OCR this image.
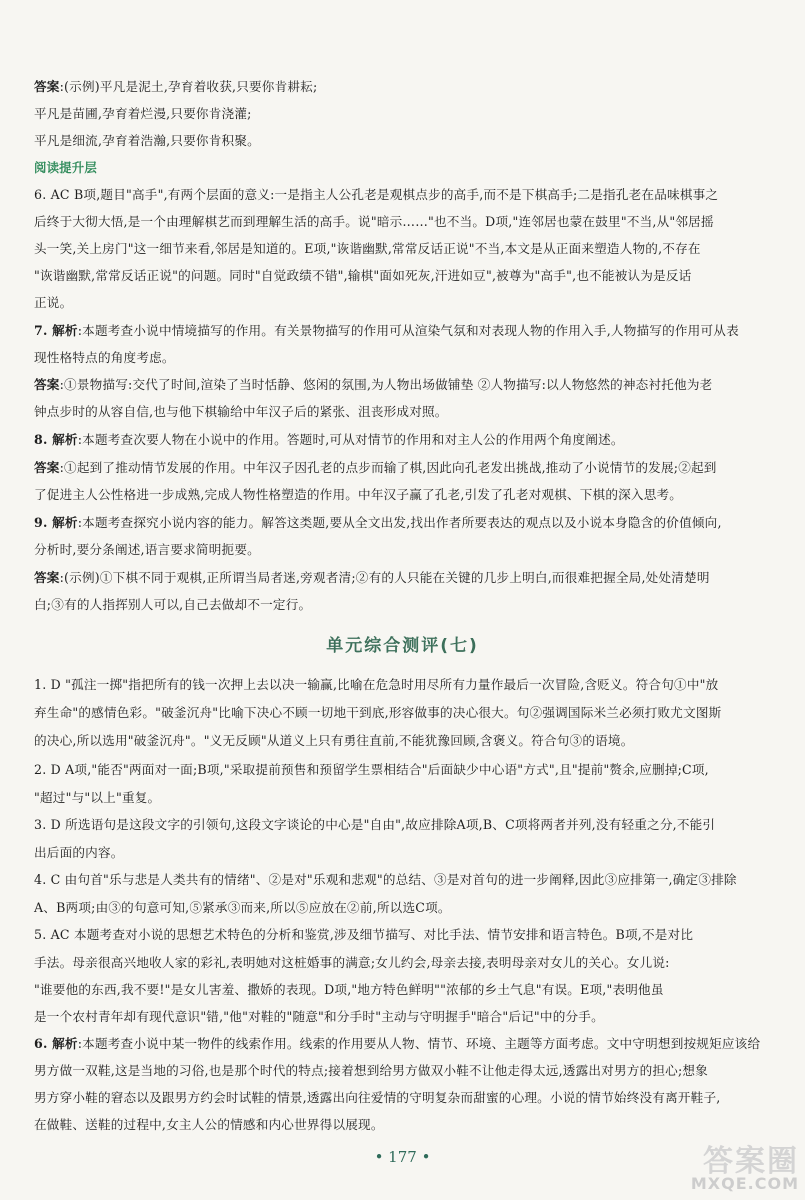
答案:(示例)平凡是泥土,孕育着收获,只要你肯耕耘;

平凡是苗圃,孕育着烂漫,只要你肯浇灌;

平凡是细流,孕育着浩瀚,只要你肯积聚。

阅读提升层

6. AC B项,题目"高手",有两个层面的意义:一是指主人公孔老是观棋点步的高手,而不是下棋高手;二是指孔老在品味棋事之

后终于大彻大悟,是一个由理解棋艺而到理解生活的高手。说"暗示……"也不当。D项,"连邻居也蒙在鼓里"不当,从"邻居摇

头一笑,关上房门"这一细节来看,邻居是知道的。E项,"诙谐幽默,常常反话正说"不当,本文是从正面来塑造人物的,不存在

"诙谐幽默,常常反话正说"的问题。同时"自觉政绩不错",输棋"面如死灰,汗进如豆",被尊为"高手",也不能被认为是反话

正说。

7. 解析:本题考查小说中情境描写的作用。有关景物描写的作用可从渲染气氛和对表现人物的作用入手,人物描写的作用可从表

现性格特点的角度考虑。

答案:①景物描写:交代了时间,渲染了当时恬静、悠闲的氛围,为人物出场做铺垫 ②人物描写:以人物悠然的神态衬托他为老

钟点步时的从容自信,也与他下棋输给中年汉子后的紧张、沮丧形成对照。

8. 解析:本题考查次要人物在小说中的作用。答题时,可从对情节的作用和对主人公的作用两个角度阐述。

答案:①起到了推动情节发展的作用。中年汉子因孔老的点步而输了棋,因此向孔老发出挑战,推动了小说情节的发展;②起到

了促进主人公性格进一步成熟,完成人物性格塑造的作用。中年汉子赢了孔老,引发了孔老对观棋、下棋的深入思考。

9. 解析:本题考查探究小说内容的能力。解答这类题,要从全文出发,找出作者所要表达的观点以及小说本身隐含的价值倾向,

分析时,要分条阐述,语言要求简明扼要。

答案:(示例)①下棋不同于观棋,正所谓当局者迷,旁观者清;②有的人只能在关键的几步上明白,而很难把握全局,处处清楚明

白;③有的人指挥别人可以,自己去做却不一定行。

单元综合测评(七)

1. D "孤注一掷"指把所有的钱一次押上去以决一输赢,比喻在危急时用尽所有力量作最后一次冒险,含贬义。符合句①中"放

弃生命"的感情色彩。"破釜沉舟"比喻下决心不顾一切地干到底,形容做事的决心很大。句②强调国际米兰必须打败尤文图斯

的决心,所以选用"破釜沉舟"。"义无反顾"从道义上只有勇往直前,不能犹豫回顾,含褒义。符合句③的语境。

2. D A项,"能否"两面对一面;B项,"采取提前预售和预留学生票相结合"后面缺少中心语"方式",且"提前"赘余,应删掉;C项,

"超过"与"以上"重复。

3. D 所选语句是这段文字的引领句,这段文字谈论的中心是"自由",故应排除A项,B、C项将两者并列,没有轻重之分,不能引

出后面的内容。

4. C 由句首"乐与悲是人类共有的情绪"、②是对"乐观和悲观"的总结、③是对首句的进一步阐释,因此③应排第一,确定③排除

A、B两项;由③的句意可知,⑤紧承③而来,所以⑤应放在②前,所以选C项。

5. AC 本题考查对小说的思想艺术特色的分析和鉴赏,涉及细节描写、对比手法、情节安排和语言特色。B项,不是对比

手法。母亲很高兴地收人家的彩礼,表明她对这桩婚事的满意;女儿约会,母亲去接,表明母亲对女儿的关心。女儿说:

"谁要他的东西,我不要!"是女儿害羞、撒娇的表现。D项,"地方特色鲜明""浓郁的乡土气息"有误。E项,"表明他虽

是一个农村青年却有现代意识"错,"他"对鞋的"随意"和分手时"主动与守明握手"暗合"后记"中的分手。

6. 解析:本题考查小说中某一物件的线索作用。线索的作用要从人物、情节、环境、主题等方面考虑。文中守明想到按规矩应该给

男方做一双鞋,这是当地的习俗,也是那个时代的特点;接着想到给男方做双小鞋不让他走得太远,透露出对男方的担心;想象

男方穿小鞋的窘态以及跟男方约会时试鞋的情景,透露出向往爱情的守明复杂而甜蜜的心理。小说的情节始终没有离开鞋子,

在做鞋、送鞋的过程中,女主人公的情感和内心世界得以展现。

• 177 •	答案圈
MXQE.COM
